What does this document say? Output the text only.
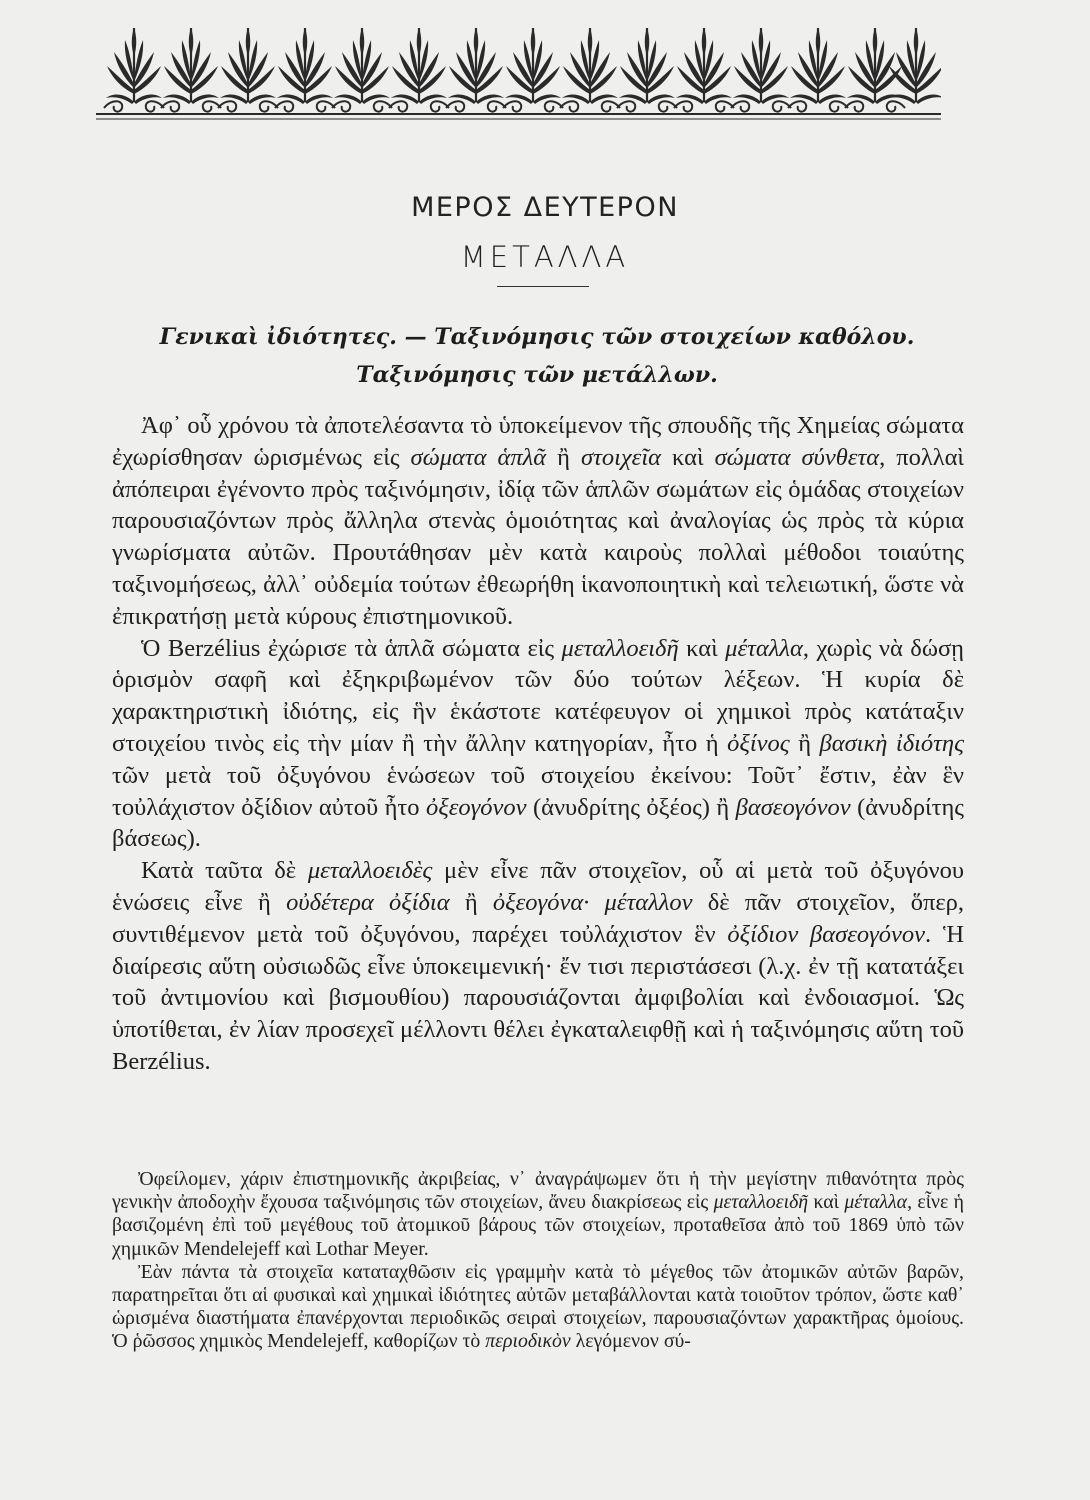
ΜΕΡΟΣ ΔΕΥΤΕΡΟΝ
ΜΕΤΑΛΛΑ
Γενικαὶ ἰδιότητες. — Ταξινόμησις τῶν στοιχείων καθόλου.
Ταξινόμησις τῶν μετάλλων.

Ἀφ᾽ οὗ χρόνου τὰ ἀποτελέσαντα τὸ ὑποκείμενον τῆς σπουδῆς τῆς Χημείας σώματα ἐχωρίσθησαν ὡρισμένως εἰς σώματα ἁπλᾶ ἢ στοιχεῖα καὶ σώματα σύνθετα, πολλαὶ ἀπόπειραι ἐγένοντο πρὸς ταξινόμησιν, ἰδίᾳ τῶν ἁπλῶν σωμάτων εἰς ὁμάδας στοιχείων παρουσιαζόντων πρὸς ἄλληλα στενὰς ὁμοιότητας καὶ ἀναλογίας ὡς πρὸς τὰ κύρια γνωρίσματα αὐτῶν. Προυτάθησαν μὲν κατὰ καιροὺς πολλαὶ μέθοδοι τοιαύτης ταξινομήσεως, ἀλλ᾽ οὐδεμία τούτων ἐθεωρήθη ἱκανοποιητικὴ καὶ τελειωτική, ὥστε νὰ ἐπικρατήσῃ μετὰ κύρους ἐπιστημονικοῦ.

Ὁ Berzélius ἐχώρισε τὰ ἁπλᾶ σώματα εἰς μεταλλοειδῆ καὶ μέταλλα, χωρὶς νὰ δώσῃ ὁρισμὸν σαφῆ καὶ ἐξηκριβωμένον τῶν δύο τούτων λέξεων. Ἡ κυρία δὲ χαρακτηριστικὴ ἰδιότης, εἰς ἣν ἑκάστοτε κατέφευγον οἱ χημικοὶ πρὸς κατάταξιν στοιχείου τινὸς εἰς τὴν μίαν ἢ τὴν ἄλλην κατηγορίαν, ἦτο ἡ ὀξίνος ἢ βασικὴ ἰδιότης τῶν μετὰ τοῦ ὀξυγόνου ἑνώσεων τοῦ στοιχείου ἐκείνου: Τοῦτ᾽ ἔστιν, ἐὰν ἓν τοὐλάχιστον ὀξίδιον αὐτοῦ ἦτο ὀξεογόνον (ἀνυδρίτης ὀξέος) ἢ βασεογόνον (ἀνυδρίτης βάσεως).

Κατὰ ταῦτα δὲ μεταλλοειδὲς μὲν εἶνε πᾶν στοιχεῖον, οὗ αἱ μετὰ τοῦ ὀξυγόνου ἑνώσεις εἶνε ἢ οὐδέτερα ὀξίδια ἢ ὀξεογόνα· μέταλλον δὲ πᾶν στοιχεῖον, ὅπερ, συντιθέμενον μετὰ τοῦ ὀξυγόνου, παρέχει τοὐλάχιστον ἓν ὀξίδιον βασεογόνον. Ἡ διαίρεσις αὕτη οὐσιωδῶς εἶνε ὑποκειμενική· ἔν τισι περιστάσεσι (λ.χ. ἐν τῇ κατατάξει τοῦ ἀντιμονίου καὶ βισμουθίου) παρουσιάζονται ἀμφιβολίαι καὶ ἐνδοιασμοί. Ὡς ὑποτίθεται, ἐν λίαν προσεχεῖ μέλλοντι θέλει ἐγκαταλειφθῇ καὶ ἡ ταξινόμησις αὕτη τοῦ Berzélius.

Ὀφείλομεν, χάριν ἐπιστημονικῆς ἀκριβείας, ν᾽ ἀναγράψωμεν ὅτι ἡ τὴν μεγίστην πιθανότητα πρὸς γενικὴν ἀποδοχὴν ἔχουσα ταξινόμησις τῶν στοιχείων, ἄνευ διακρίσεως εἰς μεταλλοειδῆ καὶ μέταλλα, εἶνε ἡ βασιζομένη ἐπὶ τοῦ μεγέθους τοῦ ἀτομικοῦ βάρους τῶν στοιχείων, προταθεῖσα ἀπὸ τοῦ 1869 ὑπὸ τῶν χημικῶν Mendelejeff καὶ Lothar Meyer.

Ἐὰν πάντα τὰ στοιχεῖα καταταχθῶσιν εἰς γραμμὴν κατὰ τὸ μέγεθος τῶν ἀτομικῶν αὐτῶν βαρῶν, παρατηρεῖται ὅτι αἱ φυσικαὶ καὶ χημικαὶ ἰδιότητες αὐτῶν μεταβάλλονται κατὰ τοιοῦτον τρόπον, ὥστε καθ᾽ ὡρισμένα διαστήματα ἐπανέρχονται περιοδικῶς σειραὶ στοιχείων, παρουσιαζόντων χαρακτῆρας ὁμοίους. Ὁ ῥῶσσος χημικὸς Mendelejeff, καθορίζων τὸ περιοδικὸν λεγόμενον σύ-
